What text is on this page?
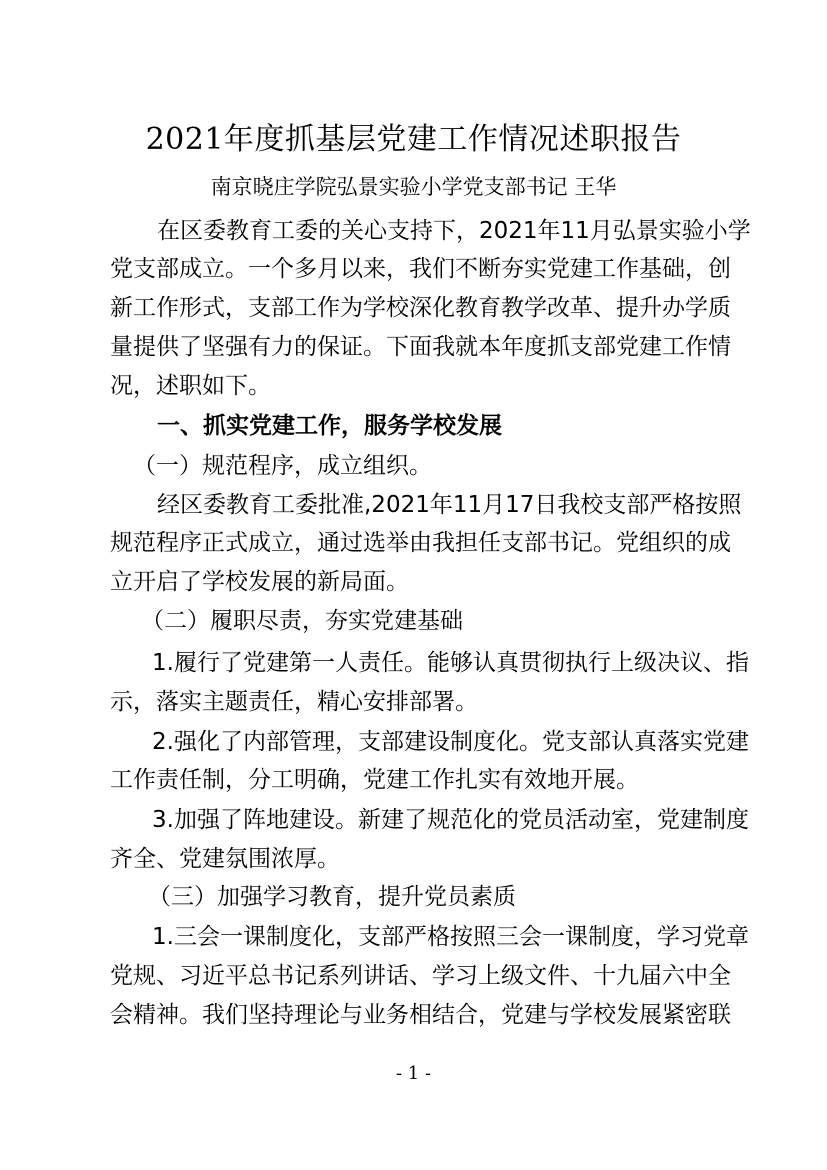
2021年度抓基层党建工作情况述职报告
南京晓庄学院弘景实验小学党支部书记 王华
在区委教育工委的关心支持下，2021年11月弘景实验小学
党支部成立。一个多月以来，我们不断夯实党建工作基础，创
新工作形式，支部工作为学校深化教育教学改革、提升办学质
量提供了坚强有力的保证。下面我就本年度抓支部党建工作情
况，述职如下。
一、抓实党建工作，服务学校发展
（一）规范程序，成立组织。
经区委教育工委批准,2021年11月17日我校支部严格按照
规范程序正式成立，通过选举由我担任支部书记。党组织的成
立开启了学校发展的新局面。
（二）履职尽责，夯实党建基础
1.履行了党建第一人责任。能够认真贯彻执行上级决议、指
示，落实主题责任，精心安排部署。
2.强化了内部管理，支部建设制度化。党支部认真落实党建
工作责任制，分工明确，党建工作扎实有效地开展。
3.加强了阵地建设。新建了规范化的党员活动室，党建制度
齐全、党建氛围浓厚。
（三）加强学习教育，提升党员素质
1.三会一课制度化，支部严格按照三会一课制度，学习党章
党规、习近平总书记系列讲话、学习上级文件、十九届六中全
会精神。我们坚持理论与业务相结合，党建与学校发展紧密联
- 1 -
